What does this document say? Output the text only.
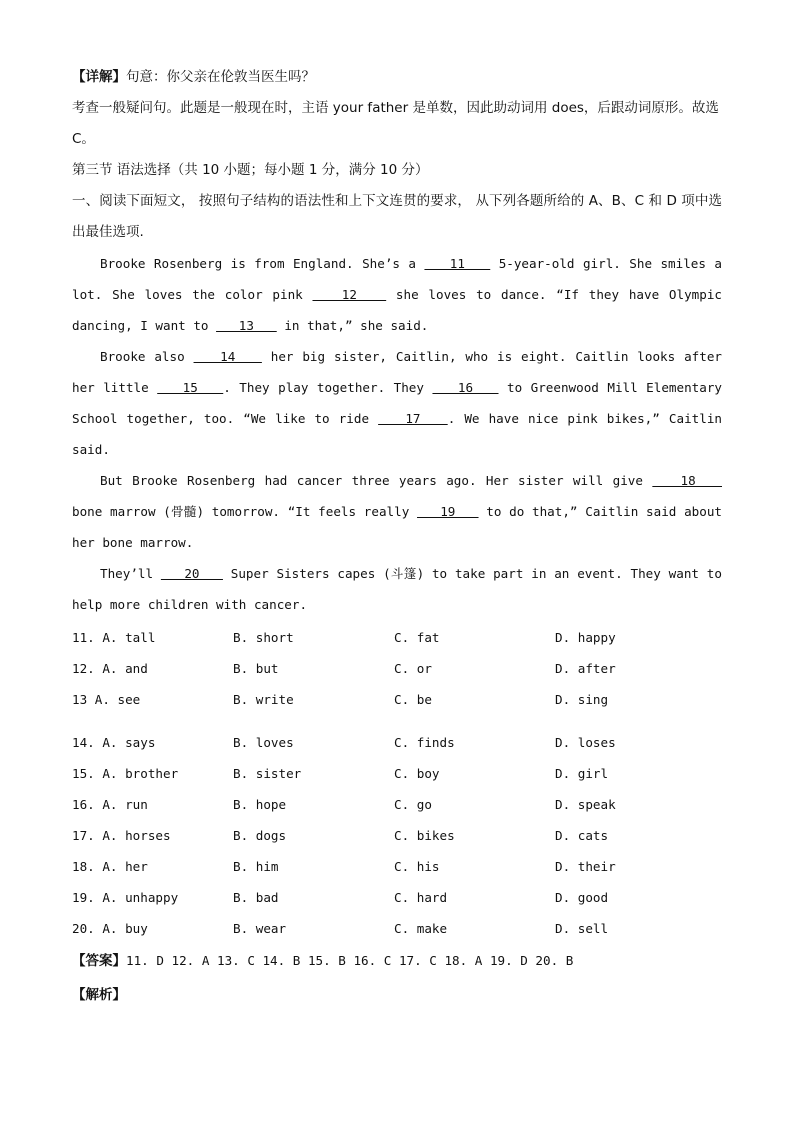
【详解】句意：你父亲在伦敦当医生吗？
考查一般疑问句。此题是一般现在时，主语 your father 是单数，因此助动词用 does，后跟动词原形。故选 C。
第三节 语法选择（共 10 小题；每小题 1 分，满分 10 分）
一、阅读下面短文， 按照句子结构的语法性和上下文连贯的要求， 从下列各题所给的 A、B、C 和 D 项中选出最佳选项.

Brooke Rosenberg is from England. She’s a    11    5-year-old girl. She smiles a lot. She loves the color pink    12    she loves to dance. “If they have Olympic dancing, I want to    13    in that,” she said.

Brooke also    14    her big sister, Caitlin, who is eight. Caitlin looks after her little    15   . They play together. They    16    to Greenwood Mill Elementary School together, too. “We like to ride    17   . We have nice pink bikes,” Caitlin said.

But Brooke Rosenberg had cancer three years ago. Her sister will give    18    bone marrow (骨髓) tomorrow. “It feels really    19    to do that,” Caitlin said about her bone marrow.

They’ll    20    Super Sisters capes (斗篷) to take part in an event. They want to help more children with cancer.

11. A. tall	B. short	C. fat	D. happy
12. A. and	B. but	C. or	D. after
13 A. see	B. write	C. be	D. sing
14. A. says	B. loves	C. finds	D. loses
15. A. brother	B. sister	C. boy	D. girl
16. A. run	B. hope	C. go	D. speak
17. A. horses	B. dogs	C. bikes	D. cats
18. A. her	B. him	C. his	D. their
19. A. unhappy	B. bad	C. hard	D. good
20. A. buy	B. wear	C. make	D. sell
【答案】11. D 12. A 13. C 14. B 15. B 16. C 17. C 18. A 19. D 20. B
【解析】
